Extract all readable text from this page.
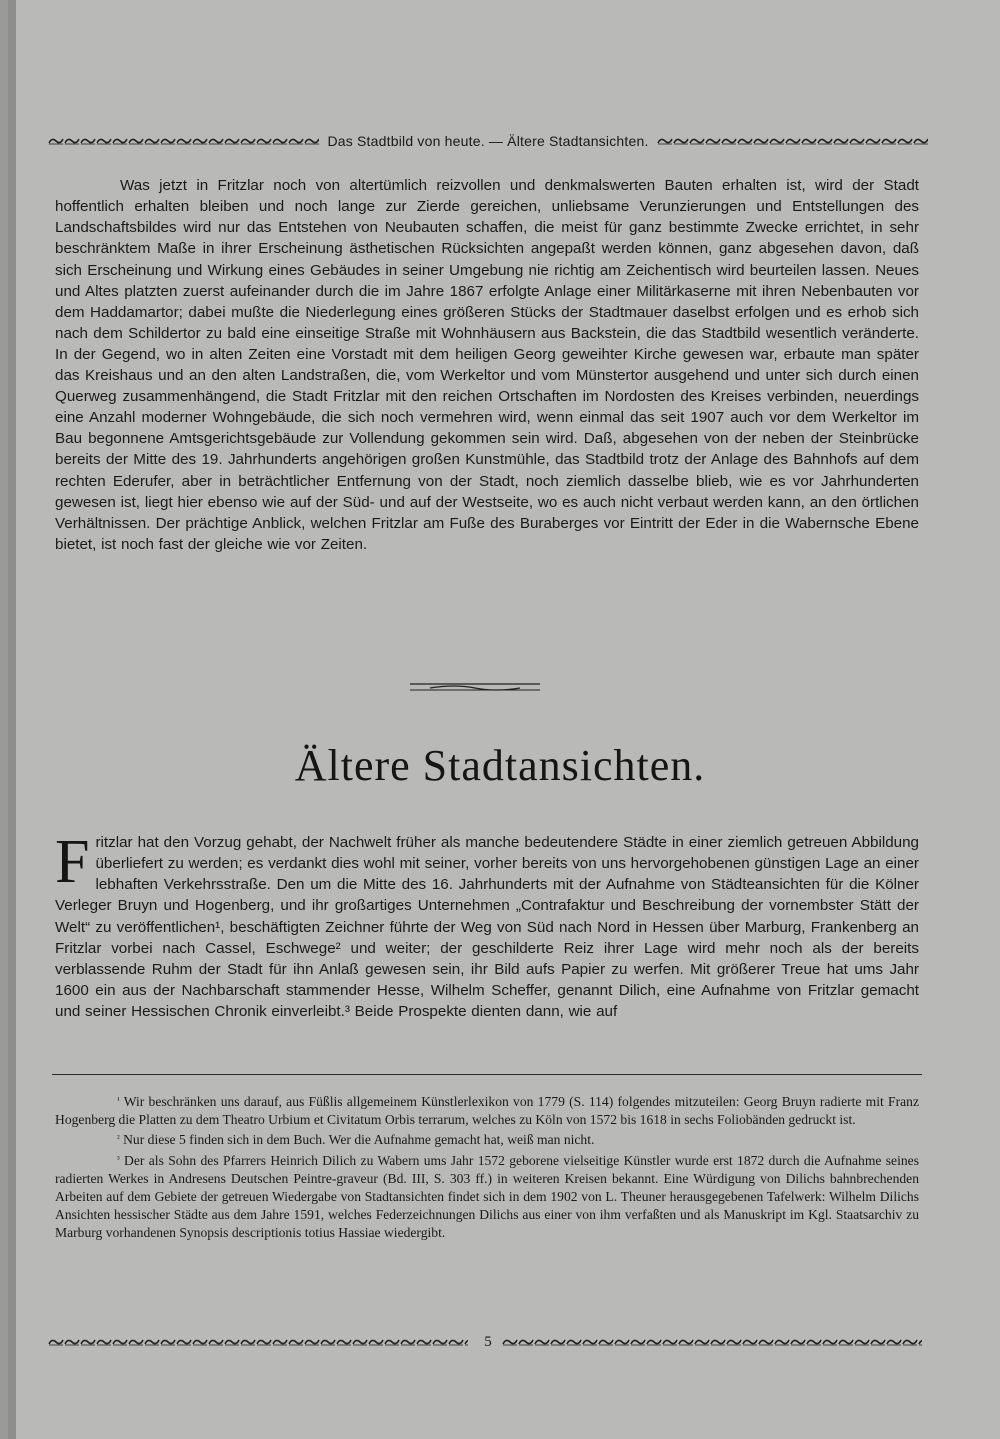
Das Stadtbild von heute. — Ältere Stadtansichten.

Was jetzt in Fritzlar noch von altertümlich reizvollen und denkmalswerten Bauten erhalten ist, wird der Stadt hoffentlich erhalten bleiben und noch lange zur Zierde gereichen, unliebsame Verunzierungen und Entstellungen des Landschaftsbildes wird nur das Entstehen von Neubauten schaffen, die meist für ganz bestimmte Zwecke errichtet, in sehr beschränktem Maße in ihrer Erscheinung ästhetischen Rücksichten angepaßt werden können, ganz abgesehen davon, daß sich Erscheinung und Wirkung eines Gebäudes in seiner Umgebung nie richtig am Zeichentisch wird beurteilen lassen. Neues und Altes platzten zuerst aufeinander durch die im Jahre 1867 erfolgte Anlage einer Militärkaserne mit ihren Nebenbauten vor dem Haddamartor; dabei mußte die Niederlegung eines größeren Stücks der Stadtmauer daselbst erfolgen und es erhob sich nach dem Schildertor zu bald eine einseitige Straße mit Wohnhäusern aus Backstein, die das Stadtbild wesentlich veränderte. In der Gegend, wo in alten Zeiten eine Vorstadt mit dem heiligen Georg geweihter Kirche gewesen war, erbaute man später das Kreishaus und an den alten Landstraßen, die, vom Werkeltor und vom Münstertor ausgehend und unter sich durch einen Querweg zusammenhängend, die Stadt Fritzlar mit den reichen Ortschaften im Nordosten des Kreises verbinden, neuerdings eine Anzahl moderner Wohngebäude, die sich noch vermehren wird, wenn einmal das seit 1907 auch vor dem Werkeltor im Bau begonnene Amtsgerichtsgebäude zur Vollendung gekommen sein wird. Daß, abgesehen von der neben der Steinbrücke bereits der Mitte des 19. Jahrhunderts angehörigen großen Kunstmühle, das Stadtbild trotz der Anlage des Bahnhofs auf dem rechten Ederufer, aber in beträchtlicher Entfernung von der Stadt, noch ziemlich dasselbe blieb, wie es vor Jahrhunderten gewesen ist, liegt hier ebenso wie auf der Süd- und auf der Westseite, wo es auch nicht verbaut werden kann, an den örtlichen Verhältnissen. Der prächtige Anblick, welchen Fritzlar am Fuße des Buraberges vor Eintritt der Eder in die Wabernsche Ebene bietet, ist noch fast der gleiche wie vor Zeiten.

Ältere Stadtansichten.

Fritzlar hat den Vorzug gehabt, der Nachwelt früher als manche bedeutendere Städte in einer ziemlich getreuen Abbildung überliefert zu werden; es verdankt dies wohl mit seiner, vorher bereits von uns hervorgehobenen günstigen Lage an einer lebhaften Verkehrsstraße. Den um die Mitte des 16. Jahrhunderts mit der Aufnahme von Städteansichten für die Kölner Verleger Bruyn und Hogenberg, und ihr großartiges Unternehmen „Contrafaktur und Beschreibung der vornembster Stätt der Welt“ zu veröffentlichen¹, beschäftigten Zeichner führte der Weg von Süd nach Nord in Hessen über Marburg, Frankenberg an Fritzlar vorbei nach Cassel, Eschwege² und weiter; der geschilderte Reiz ihrer Lage wird mehr noch als der bereits verblassende Ruhm der Stadt für ihn Anlaß gewesen sein, ihr Bild aufs Papier zu werfen. Mit größerer Treue hat ums Jahr 1600 ein aus der Nachbarschaft stammender Hesse, Wilhelm Scheffer, genannt Dilich, eine Aufnahme von Fritzlar gemacht und seiner Hessischen Chronik einverleibt.³ Beide Prospekte dienten dann, wie auf

$^{^1}$ Wir beschränken uns darauf, aus Füßlis allgemeinem Künstlerlexikon von 1779 (S. 114) folgendes mitzuteilen: Georg Bruyn radierte mit Franz Hogenberg die Platten zu dem Theatro Urbium et Civitatum Orbis terrarum, welches zu Köln von 1572 bis 1618 in sechs Foliobänden gedruckt ist.

$^{^2}$ Nur diese 5 finden sich in dem Buch. Wer die Aufnahme gemacht hat, weiß man nicht.

$^{^3}$ Der als Sohn des Pfarrers Heinrich Dilich zu Wabern ums Jahr 1572 geborene vielseitige Künstler wurde erst 1872 durch die Aufnahme seines radierten Werkes in Andresens Deutschen Peintre-graveur (Bd. III, S. 303 ff.) in weiteren Kreisen bekannt. Eine Würdigung von Dilichs bahnbrechenden Arbeiten auf dem Gebiete der getreuen Wiedergabe von Stadtansichten findet sich in dem 1902 von L. Theuner herausgegebenen Tafelwerk: Wilhelm Dilichs Ansichten hessischer Städte aus dem Jahre 1591, welches Federzeichnungen Dilichs aus einer von ihm verfaßten und als Manuskript im Kgl. Staatsarchiv zu Marburg vorhandenen Synopsis descriptionis totius Hassiae wiedergibt.

5
